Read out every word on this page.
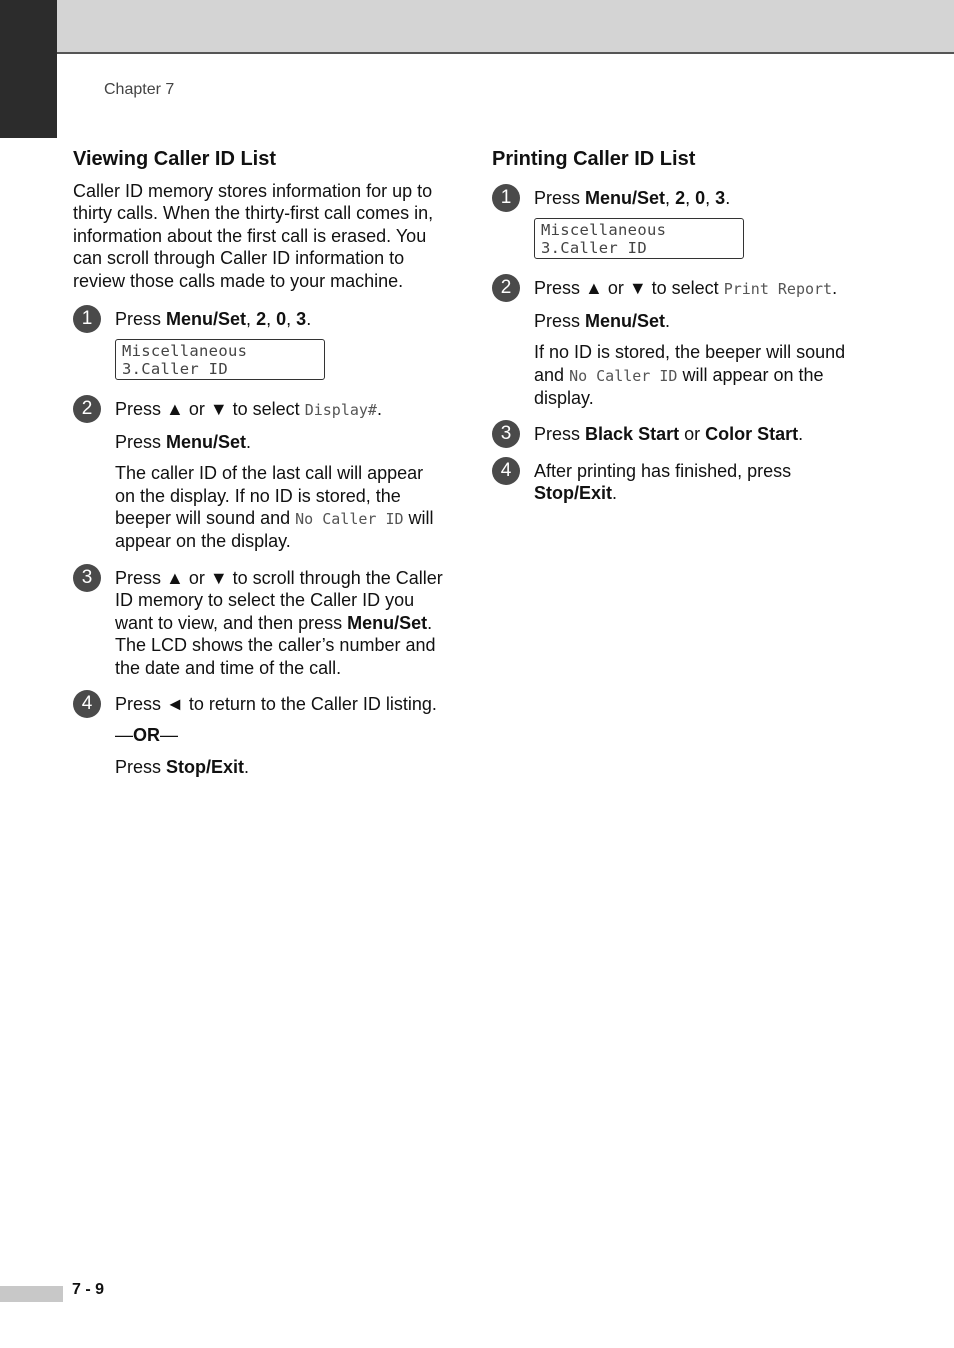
Chapter 7
Viewing Caller ID List

Caller ID memory stores information for up to thirty calls. When the thirty-first call comes in, information about the first call is erased. You can scroll through Caller ID information to review those calls made to your machine.

1	Press Menu/Set, 2, 0, 3.

Miscellaneous
3.Caller ID
2	Press ▲ or ▼ to select Display#.

Press Menu/Set.

The caller ID of the last call will appear on the display. If no ID is stored, the beeper will sound and No Caller ID will appear on the display.

3	Press ▲ or ▼ to scroll through the Caller ID memory to select the Caller ID you want to view, and then press Menu/Set. The LCD shows the caller’s number and the date and time of the call.

4	Press ◄ to return to the Caller ID listing.

—OR—

Press Stop/Exit.

Printing Caller ID List
1	Press Menu/Set, 2, 0, 3.

Miscellaneous
3.Caller ID
2	Press ▲ or ▼ to select Print Report.

Press Menu/Set.

If no ID is stored, the beeper will sound and No Caller ID will appear on the display.

3	Press Black Start or Color Start.

4	After printing has finished, press
Stop/Exit.

7 - 9
